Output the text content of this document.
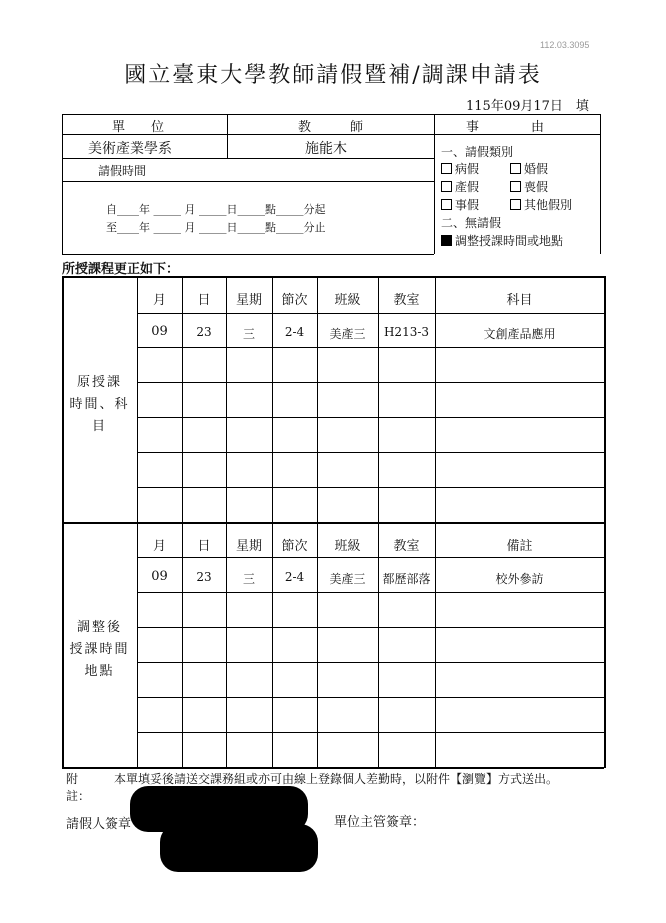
112.03.3095
國立臺東大學教師請假暨補/調課申請表
115年09月17日　填
單　　位	教　　　師	事　　　　由
美術產業學系	施能木
請假時間
自____年 _____ 月 _____日_____點_____分起
至____年 _____ 月 _____日_____點_____分止
一、請假類別
病假	婚假
產假	喪假
事假	其他假別
二、無請假
調整授課時間或地點
所授課程更正如下：
原授課
時間、科
目
月	日	星期	節次	班級	教室	科目
09	23	三	2-4	美產三	H213-3	文創產品應用
調整後
授課時間
地點
月	日	星期	節次	班級	教室	備註
09	23	三	2-4	美產三	都歷部落	校外參訪
附
註：
本單填妥後請送交課務組或亦可由線上登錄個人差勤時，以附件【瀏覽】方式送出。
請假人簽章	單位主管簽章：
